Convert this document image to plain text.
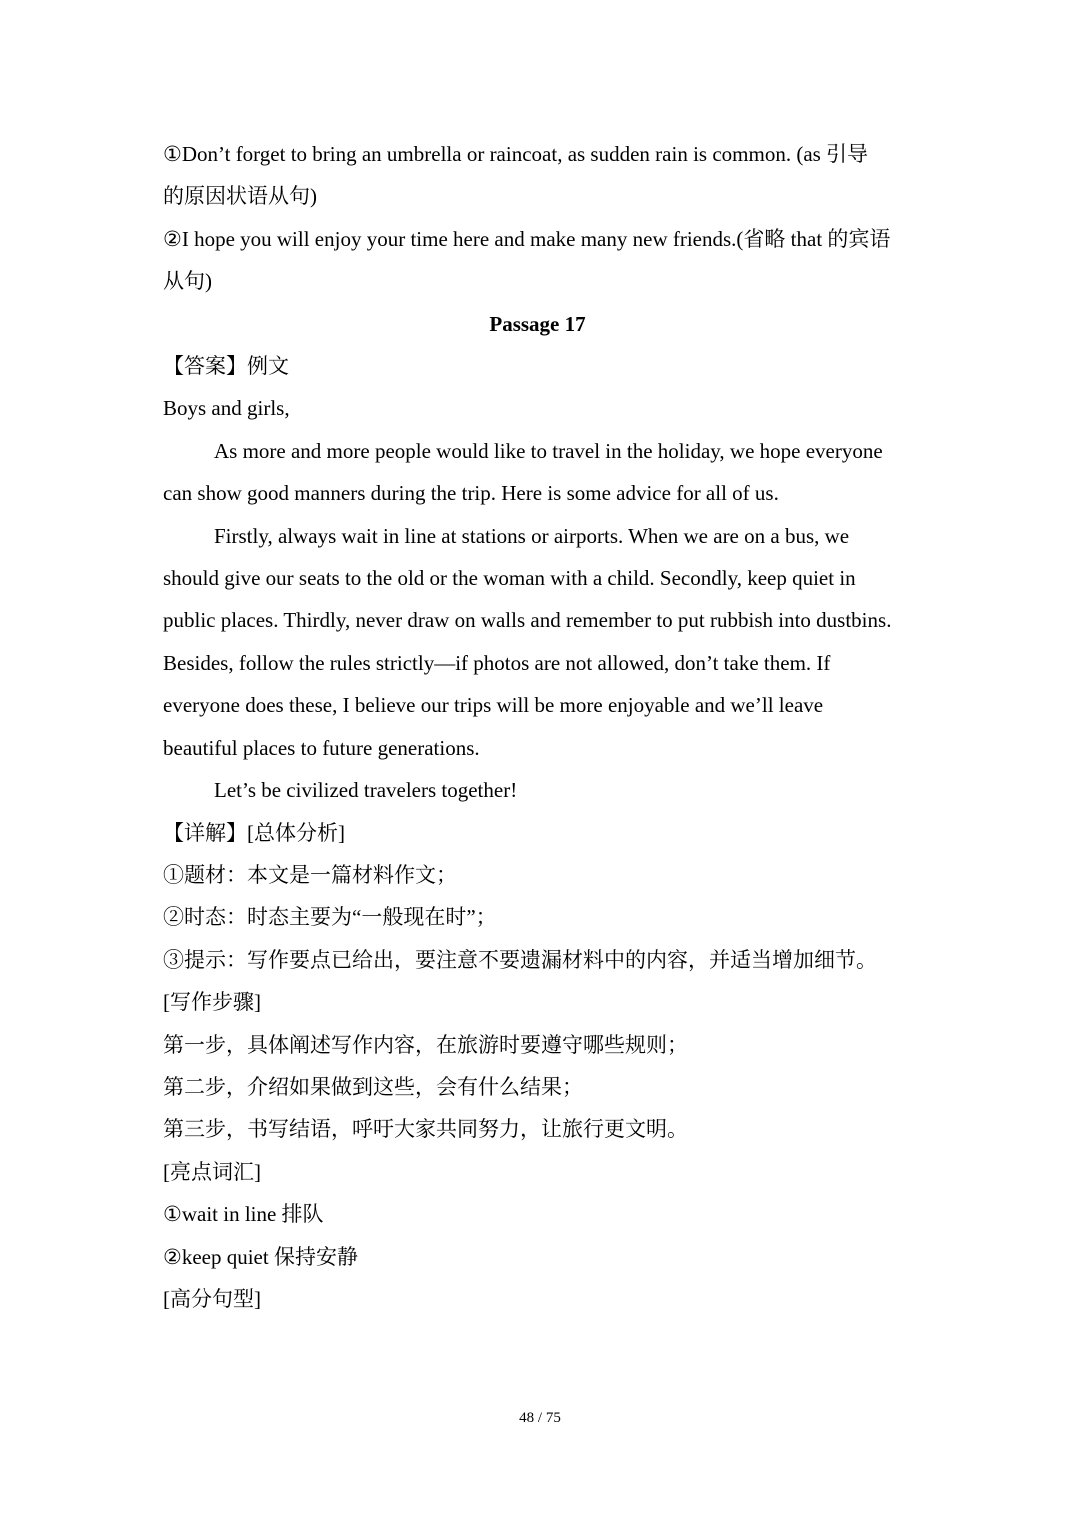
①Don’t forget to bring an umbrella or raincoat, as sudden rain is common. (as 引导

的原因状语从句)

②I hope you will enjoy your time here and make many new friends.(省略 that 的宾语

从句)

Passage 17

【答案】例文

Boys and girls,

As more and more people would like to travel in the holiday, we hope everyone

can show good manners during the trip. Here is some advice for all of us.

Firstly, always wait in line at stations or airports. When we are on a bus, we

should give our seats to the old or the woman with a child. Secondly, keep quiet in

public places. Thirdly, never draw on walls and remember to put rubbish into dustbins.

Besides, follow the rules strictly—if photos are not allowed, don’t take them. If

everyone does these, I believe our trips will be more enjoyable and we’ll leave

beautiful places to future generations.

Let’s be civilized travelers together!

【详解】[总体分析]

①题材：本文是一篇材料作文；

②时态：时态主要为“一般现在时”；

③提示：写作要点已给出，要注意不要遗漏材料中的内容，并适当增加细节。

[写作步骤]

第一步，具体阐述写作内容，在旅游时要遵守哪些规则；

第二步，介绍如果做到这些，会有什么结果；

第三步，书写结语，呼吁大家共同努力，让旅行更文明。

[亮点词汇]

①wait in line 排队

②keep quiet 保持安静

[高分句型]

48 / 75
